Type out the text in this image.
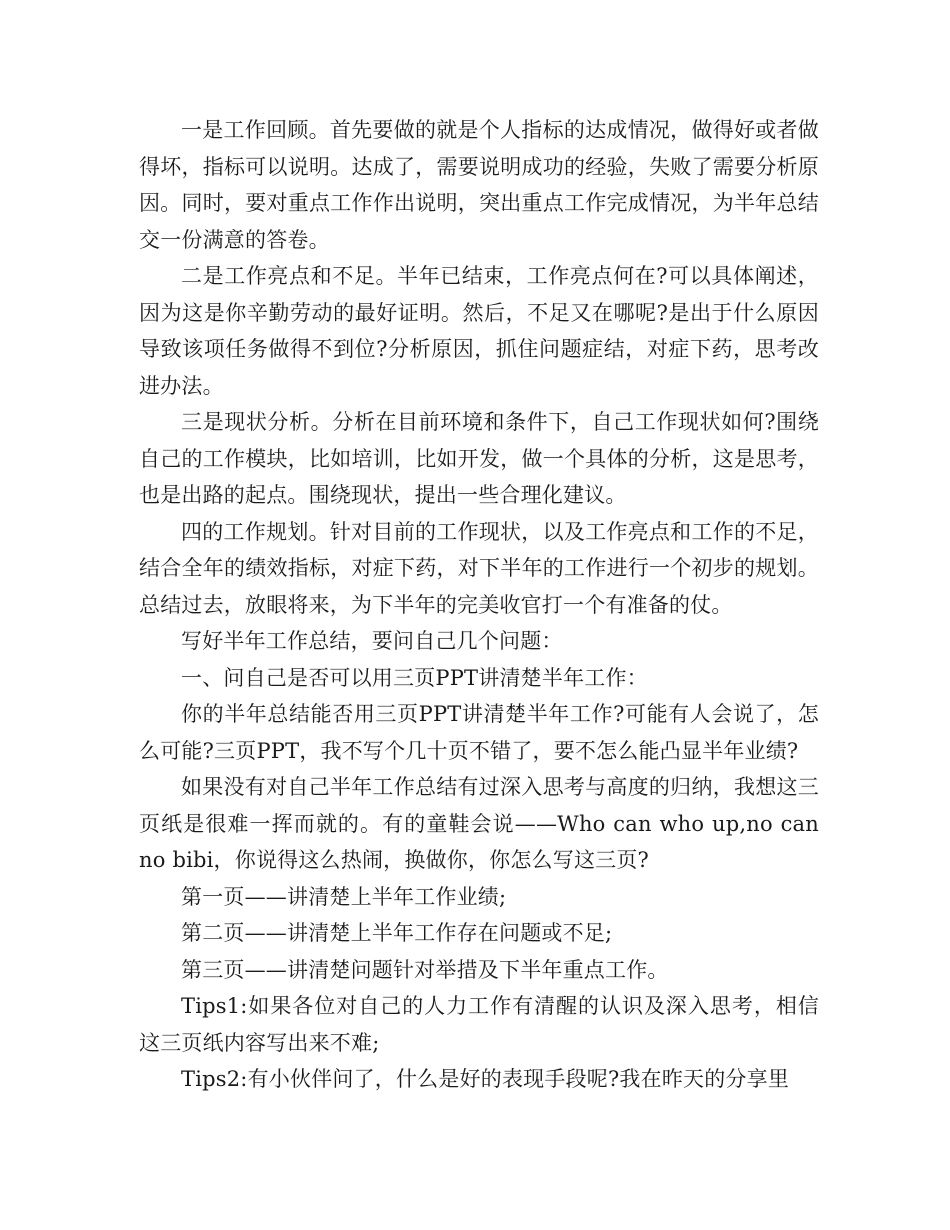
一是工作回顾。首先要做的就是个人指标的达成情况，做得好或者做得坏，指标可以说明。达成了，需要说明成功的经验，失败了需要分析原因。同时，要对重点工作作出说明，突出重点工作完成情况，为半年总结交一份满意的答卷。

二是工作亮点和不足。半年已结束，工作亮点何在?可以具体阐述，因为这是你辛勤劳动的最好证明。然后，不足又在哪呢?是出于什么原因导致该项任务做得不到位?分析原因，抓住问题症结，对症下药，思考改进办法。

三是现状分析。分析在目前环境和条件下，自己工作现状如何?围绕自己的工作模块，比如培训，比如开发，做一个具体的分析，这是思考，也是出路的起点。围绕现状，提出一些合理化建议。

四的工作规划。针对目前的工作现状，以及工作亮点和工作的不足，结合全年的绩效指标，对症下药，对下半年的工作进行一个初步的规划。总结过去，放眼将来，为下半年的完美收官打一个有准备的仗。

写好半年工作总结，要问自己几个问题：

一、问自己是否可以用三页PPT讲清楚半年工作：

你的半年总结能否用三页PPT讲清楚半年工作?可能有人会说了，怎么可能?三页PPT，我不写个几十页不错了，要不怎么能凸显半年业绩?

如果没有对自己半年工作总结有过深入思考与高度的归纳，我想这三页纸是很难一挥而就的。有的童鞋会说——Who can who up,no can no bibi，你说得这么热闹，换做你，你怎么写这三页?

第一页——讲清楚上半年工作业绩;

第二页——讲清楚上半年工作存在问题或不足;

第三页——讲清楚问题针对举措及下半年重点工作。

Tips1:如果各位对自己的人力工作有清醒的认识及深入思考，相信这三页纸内容写出来不难;

Tips2:有小伙伴问了，什么是好的表现手段呢?我在昨天的分享里
